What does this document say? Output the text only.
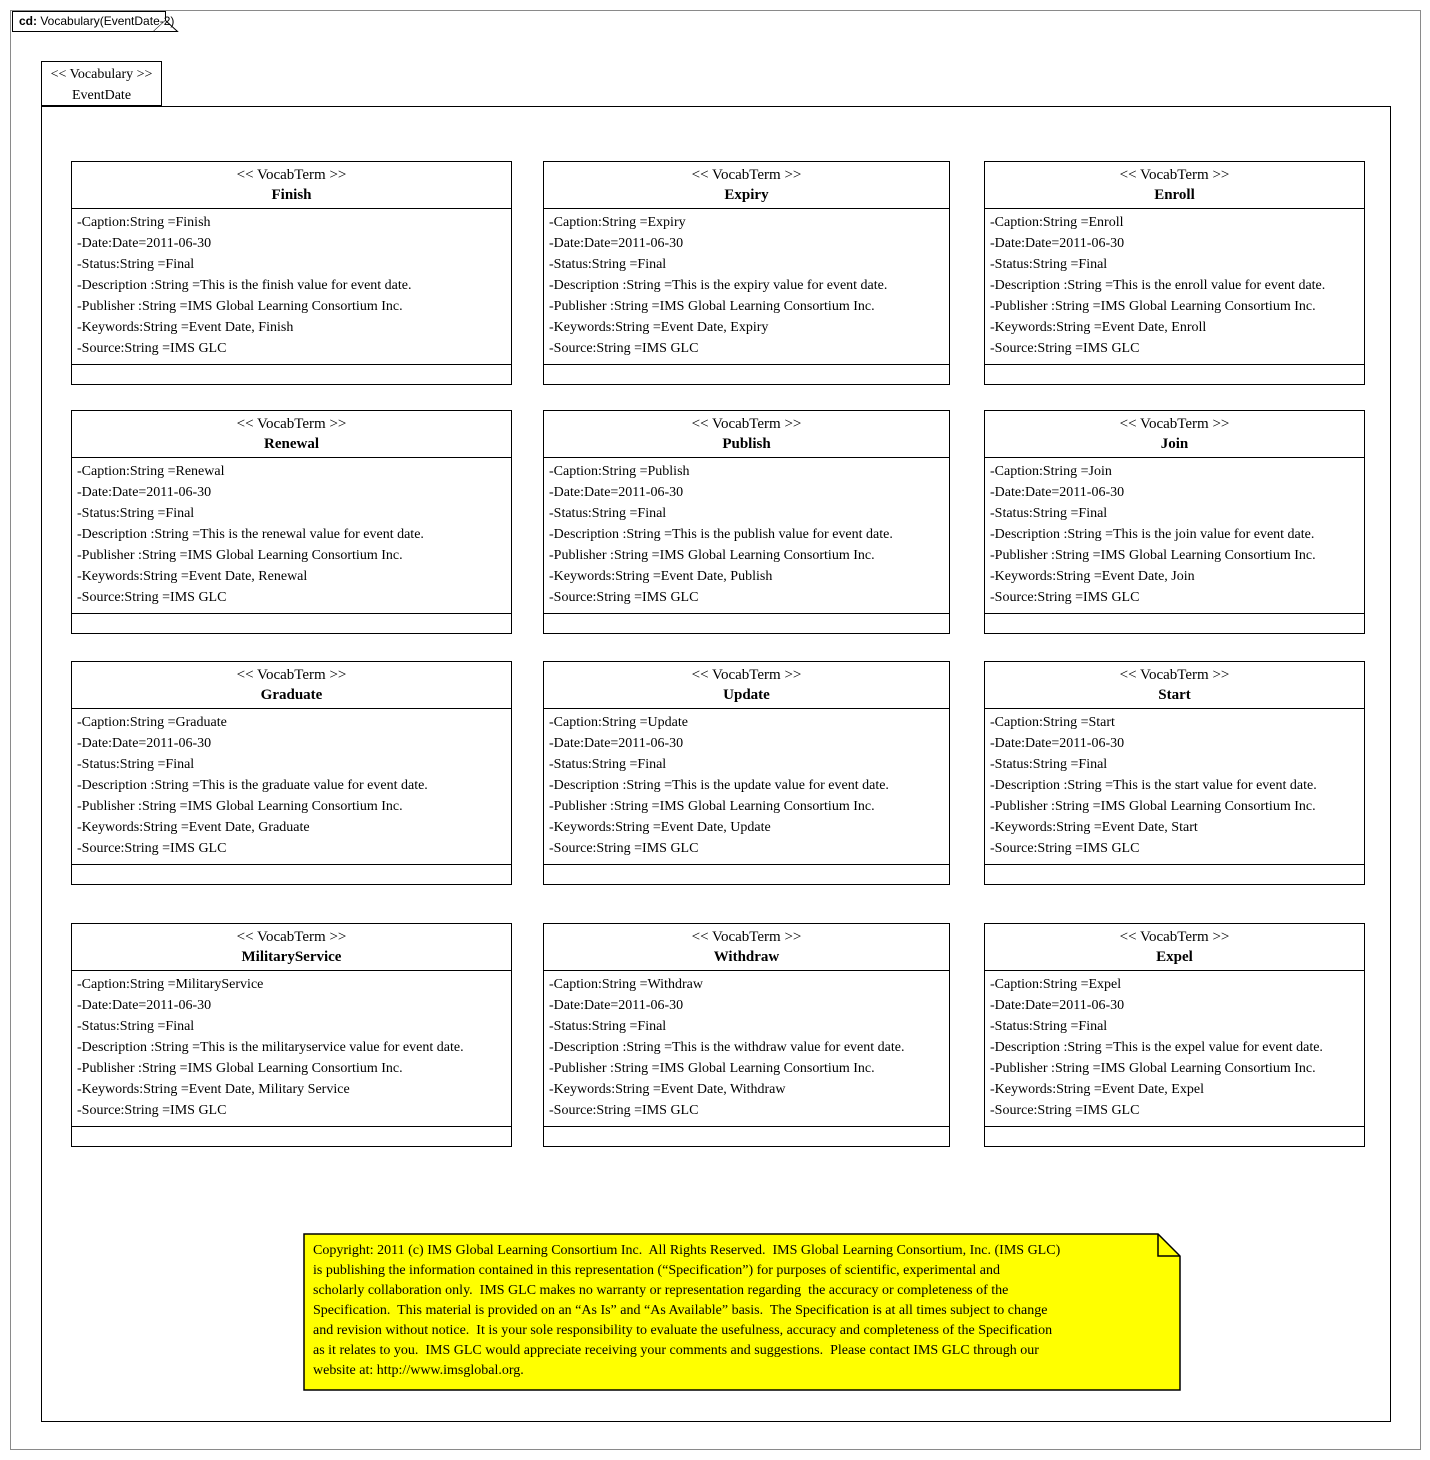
cd: Vocabulary(EventDate-2)
<< Vocabulary >>
EventDate
<< VocabTerm >>
Finish
-Caption:String =Finish
-Date:Date=2011-06-30
-Status:String =Final
-Description :String =This is the finish value for event date.
-Publisher :String =IMS Global Learning Consortium Inc.
-Keywords:String =Event Date, Finish
-Source:String =IMS GLC
<< VocabTerm >>
Expiry
-Caption:String =Expiry
-Date:Date=2011-06-30
-Status:String =Final
-Description :String =This is the expiry value for event date.
-Publisher :String =IMS Global Learning Consortium Inc.
-Keywords:String =Event Date, Expiry
-Source:String =IMS GLC
<< VocabTerm >>
Enroll
-Caption:String =Enroll
-Date:Date=2011-06-30
-Status:String =Final
-Description :String =This is the enroll value for event date.
-Publisher :String =IMS Global Learning Consortium Inc.
-Keywords:String =Event Date, Enroll
-Source:String =IMS GLC
<< VocabTerm >>
Renewal
-Caption:String =Renewal
-Date:Date=2011-06-30
-Status:String =Final
-Description :String =This is the renewal value for event date.
-Publisher :String =IMS Global Learning Consortium Inc.
-Keywords:String =Event Date, Renewal
-Source:String =IMS GLC
<< VocabTerm >>
Publish
-Caption:String =Publish
-Date:Date=2011-06-30
-Status:String =Final
-Description :String =This is the publish value for event date.
-Publisher :String =IMS Global Learning Consortium Inc.
-Keywords:String =Event Date, Publish
-Source:String =IMS GLC
<< VocabTerm >>
Join
-Caption:String =Join
-Date:Date=2011-06-30
-Status:String =Final
-Description :String =This is the join value for event date.
-Publisher :String =IMS Global Learning Consortium Inc.
-Keywords:String =Event Date, Join
-Source:String =IMS GLC
<< VocabTerm >>
Graduate
-Caption:String =Graduate
-Date:Date=2011-06-30
-Status:String =Final
-Description :String =This is the graduate value for event date.
-Publisher :String =IMS Global Learning Consortium Inc.
-Keywords:String =Event Date, Graduate
-Source:String =IMS GLC
<< VocabTerm >>
Update
-Caption:String =Update
-Date:Date=2011-06-30
-Status:String =Final
-Description :String =This is the update value for event date.
-Publisher :String =IMS Global Learning Consortium Inc.
-Keywords:String =Event Date, Update
-Source:String =IMS GLC
<< VocabTerm >>
Start
-Caption:String =Start
-Date:Date=2011-06-30
-Status:String =Final
-Description :String =This is the start value for event date.
-Publisher :String =IMS Global Learning Consortium Inc.
-Keywords:String =Event Date, Start
-Source:String =IMS GLC
<< VocabTerm >>
MilitaryService
-Caption:String =MilitaryService
-Date:Date=2011-06-30
-Status:String =Final
-Description :String =This is the militaryservice value for event date.
-Publisher :String =IMS Global Learning Consortium Inc.
-Keywords:String =Event Date, Military Service
-Source:String =IMS GLC
<< VocabTerm >>
Withdraw
-Caption:String =Withdraw
-Date:Date=2011-06-30
-Status:String =Final
-Description :String =This is the withdraw value for event date.
-Publisher :String =IMS Global Learning Consortium Inc.
-Keywords:String =Event Date, Withdraw
-Source:String =IMS GLC
<< VocabTerm >>
Expel
-Caption:String =Expel
-Date:Date=2011-06-30
-Status:String =Final
-Description :String =This is the expel value for event date.
-Publisher :String =IMS Global Learning Consortium Inc.
-Keywords:String =Event Date, Expel
-Source:String =IMS GLC
Copyright: 2011 (c) IMS Global Learning Consortium Inc.  All Rights Reserved.  IMS Global Learning Consortium, Inc. (IMS GLC)
is publishing the information contained in this representation (“Specification”) for purposes of scientific, experimental and
scholarly collaboration only.  IMS GLC makes no warranty or representation regarding  the accuracy or completeness of the
Specification.  This material is provided on an “As Is” and “As Available” basis.  The Specification is at all times subject to change
and revision without notice.  It is your sole responsibility to evaluate the usefulness, accuracy and completeness of the Specification
as it relates to you.  IMS GLC would appreciate receiving your comments and suggestions.  Please contact IMS GLC through our
website at: http://www.imsglobal.org.
